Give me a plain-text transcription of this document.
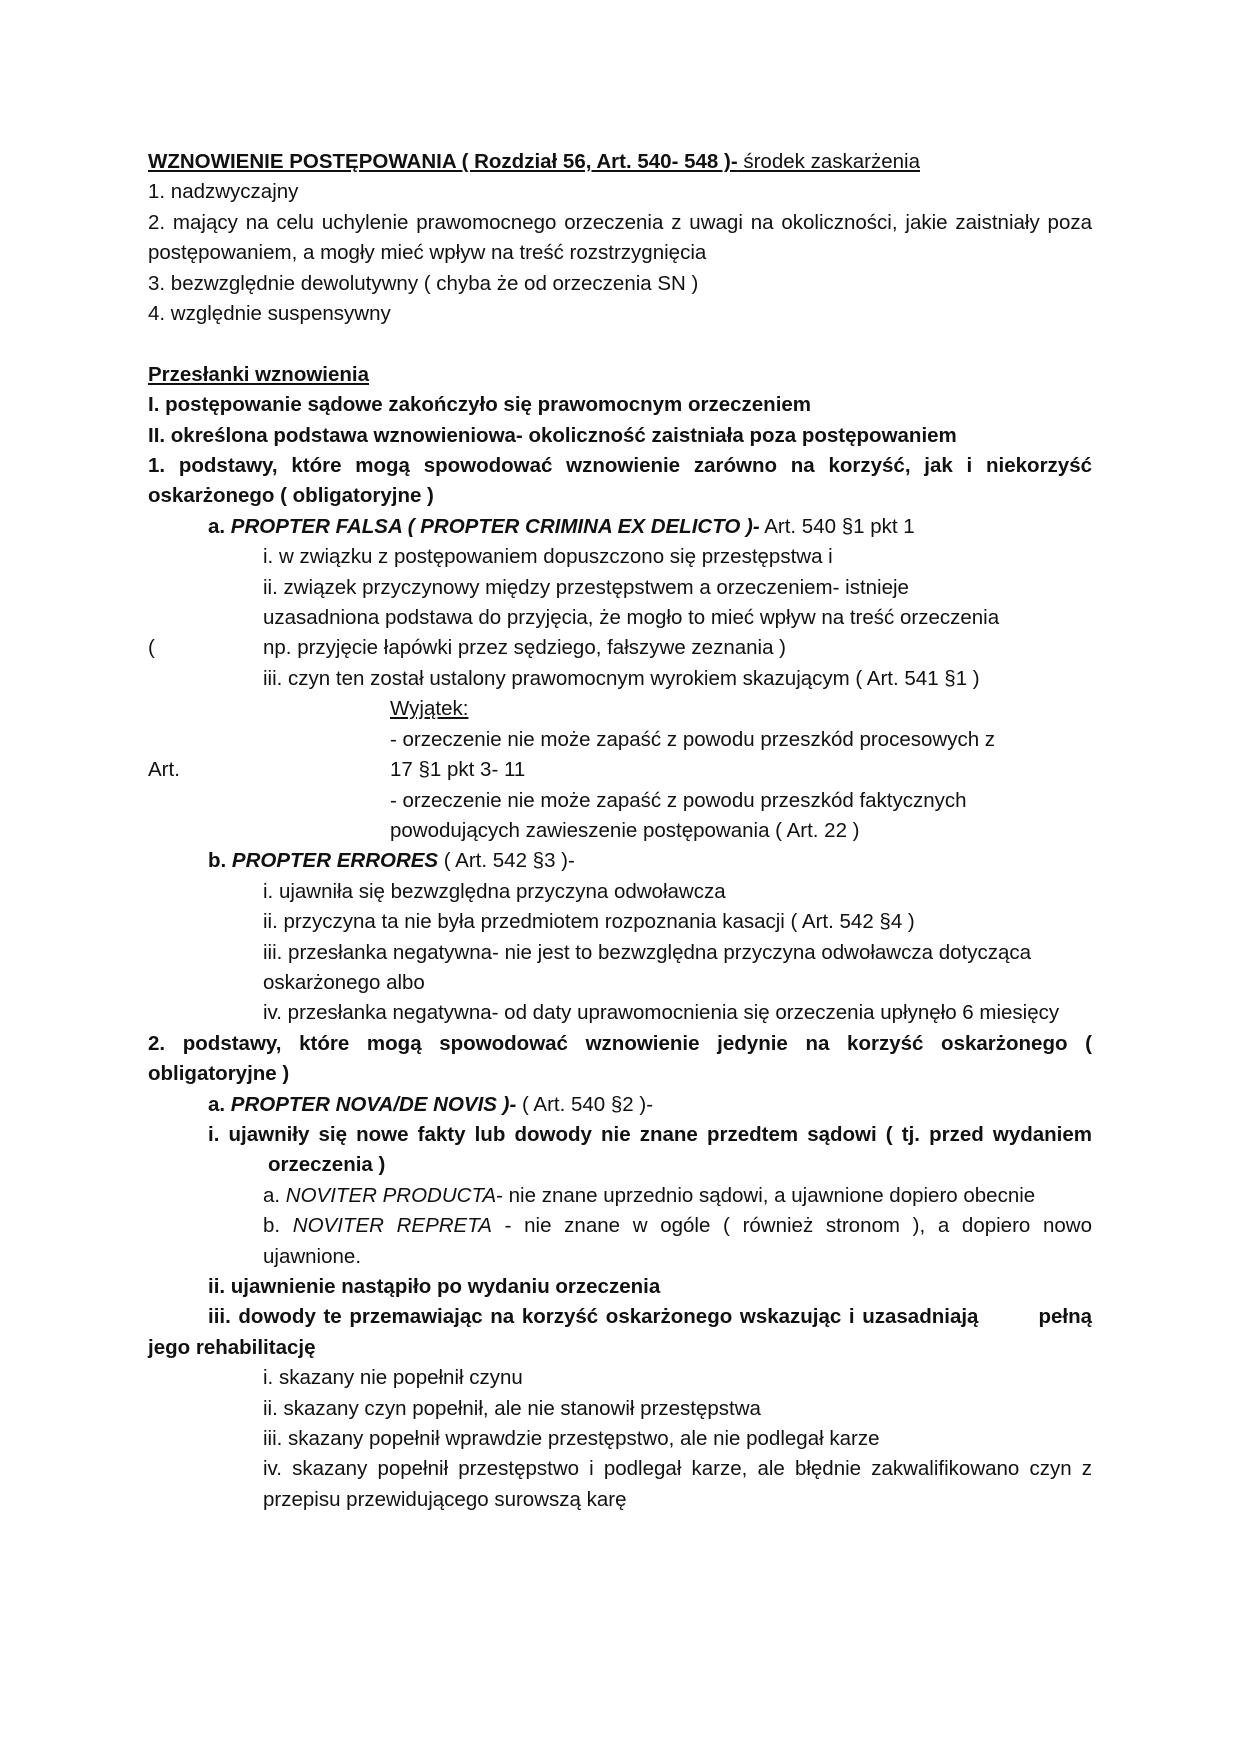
WZNOWIENIE POSTĘPOWANIA ( Rozdział 56, Art. 540- 548 )- środek zaskarżenia

1. nadzwyczajny

2. mający na celu uchylenie prawomocnego orzeczenia z uwagi na okoliczności, jakie zaistniały poza postępowaniem, a mogły mieć wpływ na treść rozstrzygnięcia

3. bezwzględnie dewolutywny ( chyba że od orzeczenia SN )

4. względnie suspensywny

Przesłanki wznowienia

I. postępowanie sądowe zakończyło się prawomocnym orzeczeniem

II. określona podstawa wznowieniowa- okoliczność zaistniała poza postępowaniem

1. podstawy, które mogą spowodować wznowienie zarówno na korzyść, jak i niekorzyść oskarżonego ( obligatoryjne )

a. PROPTER FALSA ( PROPTER CRIMINA EX DELICTO )- Art. 540 §1 pkt 1

i. w związku z postępowaniem dopuszczono się przestępstwa i

ii. związek przyczynowy między przestępstwem a orzeczeniem- istnieje

uzasadniona podstawa do przyjęcia, że mogło to mieć wpływ na treść orzeczenia

(	np. przyjęcie łapówki przez sędziego, fałszywe zeznania )

iii. czyn ten został ustalony prawomocnym wyrokiem skazującym ( Art. 541 §1 )

Wyjątek:

- orzeczenie nie może zapaść z powodu przeszkód procesowych z

Art.	17 §1 pkt 3- 11

- orzeczenie nie może zapaść z powodu przeszkód faktycznych powodujących zawieszenie postępowania ( Art. 22 )

b. PROPTER ERRORES ( Art. 542 §3 )-

i. ujawniła się bezwzględna przyczyna odwoławcza

ii. przyczyna ta nie była przedmiotem rozpoznania kasacji ( Art. 542 §4 )

iii. przesłanka negatywna- nie jest to bezwzględna przyczyna odwoławcza dotycząca oskarżonego albo

iv. przesłanka negatywna- od daty uprawomocnienia się orzeczenia upłynęło 6 miesięcy

2. podstawy, które mogą spowodować wznowienie jedynie na korzyść oskarżonego ( obligatoryjne )

a. PROPTER NOVA/DE NOVIS )- ( Art. 540 §2 )-

i. ujawniły się nowe fakty lub dowody nie znane przedtem sądowi ( tj. przed wydaniemorzeczenia )

a. NOVITER PRODUCTA- nie znane uprzednio sądowi, a ujawnione dopiero obecnie

b. NOVITER REPRETA - nie znane w ogóle ( również stronom ), a dopiero nowo ujawnione.

ii. ujawnienie nastąpiło po wydaniu orzeczenia

iii. dowody te przemawiając na korzyść oskarżonego wskazując i uzasadniają	pełną jego rehabilitację

i. skazany nie popełnił czynu

ii. skazany czyn popełnił, ale nie stanowił przestępstwa

iii. skazany popełnił wprawdzie przestępstwo, ale nie podlegał karze

iv. skazany popełnił przestępstwo i podlegał karze, ale błędnie zakwalifikowano czyn z przepisu przewidującego surowszą karę
